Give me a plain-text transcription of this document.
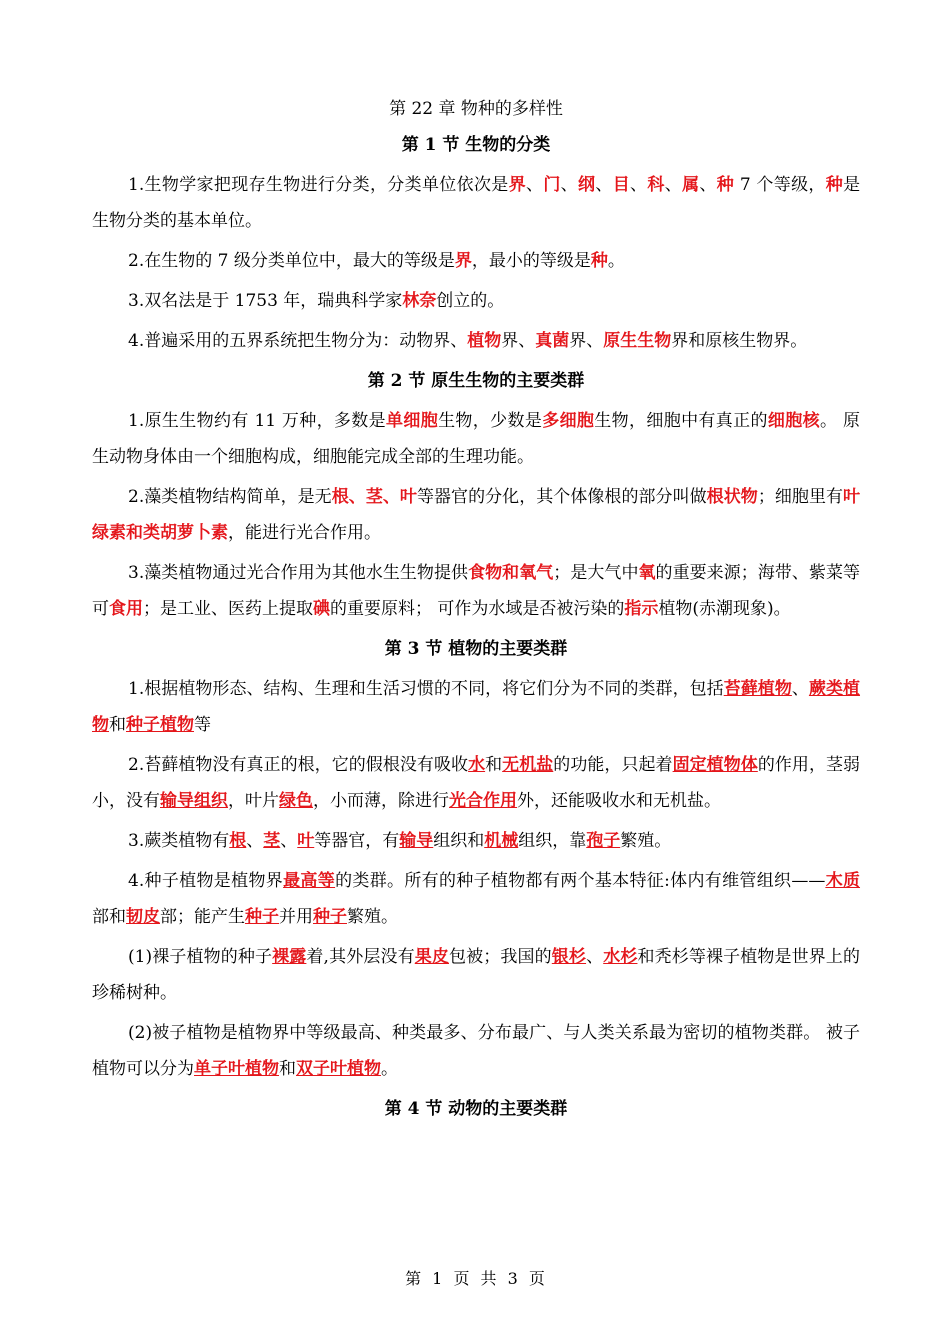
第 22 章 物种的多样性
第 1 节 生物的分类

1.生物学家把现存生物进行分类，分类单位依次是界、门、纲、目、科、属、种 7 个等级，种是生物分类的基本单位。

2.在生物的 7 级分类单位中，最大的等级是界，最小的等级是种。

3.双名法是于 1753 年，瑞典科学家林奈创立的。

4.普遍采用的五界系统把生物分为：动物界、植物界、真菌界、原生生物界和原核生物界。

第 2 节 原生生物的主要类群

1.原生生物约有 11 万种，多数是单细胞生物，少数是多细胞生物，细胞中有真正的细胞核。 原生动物身体由一个细胞构成，细胞能完成全部的生理功能。

2.藻类植物结构简单，是无根、茎、叶等器官的分化，其个体像根的部分叫做根状物；细胞里有叶绿素和类胡萝卜素，能进行光合作用。

3.藻类植物通过光合作用为其他水生生物提供食物和氧气；是大气中氧的重要来源；海带、紫菜等可食用；是工业、医药上提取碘的重要原料； 可作为水域是否被污染的指示植物(赤潮现象)。

第 3 节 植物的主要类群

1.根据植物形态、结构、生理和生活习惯的不同，将它们分为不同的类群，包括苔藓植物、蕨类植物和种子植物等

2.苔藓植物没有真正的根，它的假根没有吸收水和无机盐的功能，只起着固定植物体的作用，茎弱小，没有输导组织，叶片绿色，小而薄，除进行光合作用外，还能吸收水和无机盐。

3.蕨类植物有根、茎、叶等器官，有输导组织和机械组织，靠孢子繁殖。

4.种子植物是植物界最高等的类群。所有的种子植物都有两个基本特征:体内有维管组织——木质部和韧皮部；能产生种子并用种子繁殖。

(1)裸子植物的种子裸露着,其外层没有果皮包被；我国的银杉、水杉和秃杉等裸子植物是世界上的珍稀树种。

(2)被子植物是植物界中等级最高、种类最多、分布最广、与人类关系最为密切的植物类群。 被子植物可以分为单子叶植物和双子叶植物。

第 4 节 动物的主要类群
第 1 页 共 3 页
